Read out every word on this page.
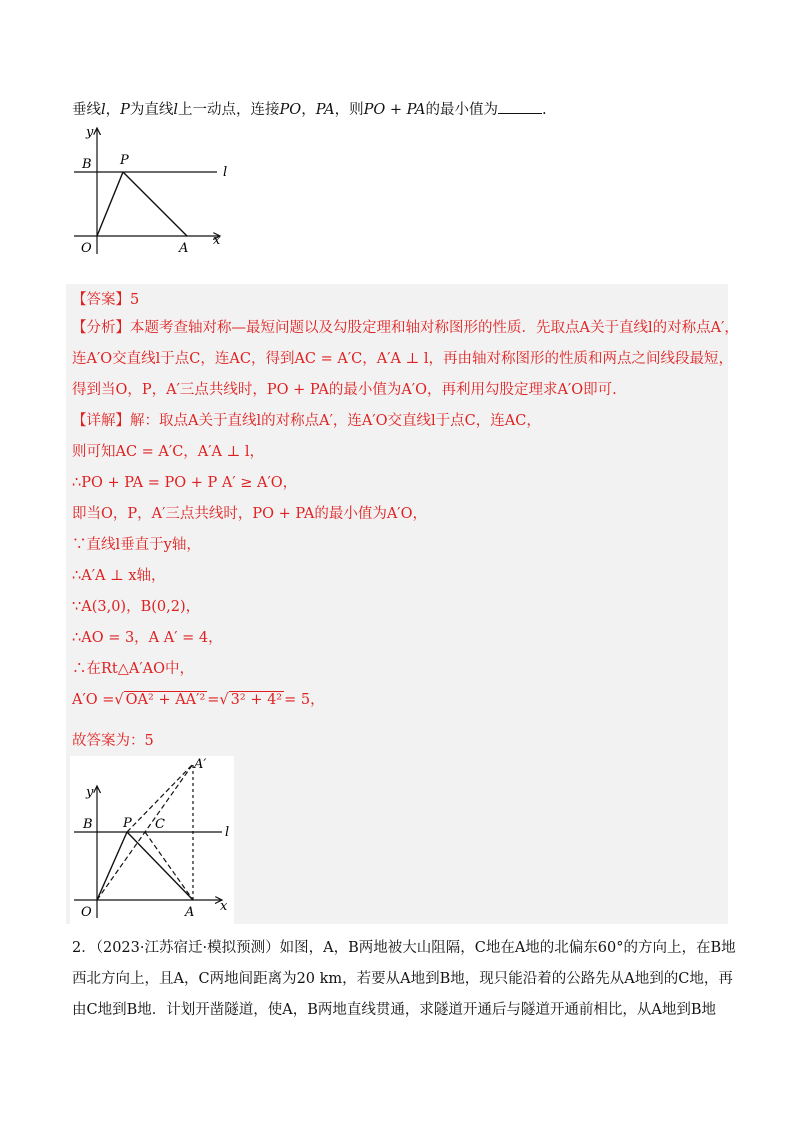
垂线l，P为直线l上一动点，连接PO，PA，则PO + PA的最小值为	.
y
B P
l
O	A
x
【答案】5
【分析】本题考查轴对称—最短问题以及勾股定理和轴对称图形的性质．先取点A关于直线l的对称点A′，
连A′O交直线l于点C，连AC，得到AC = A′C，A′A ⊥ l，再由轴对称图形的性质和两点之间线段最短，
得到当O，P，A′三点共线时，PO + PA的最小值为A′O，再利用勾股定理求A′O即可.
【详解】解：取点A关于直线l的对称点A′，连A′O交直线l于点C，连AC，
则可知AC = A′C，A′A ⊥ l，
∴PO + PA = PO + P A′ ≥ A′O，
即当O，P，A′三点共线时，PO + PA的最小值为A′O，
∵直线l垂直于y轴，
∴A′A ⊥ x轴，
∵A(3,0)，B(0,2)，
∴AO = 3，A A′ = 4，
∴在Rt△A′AO中，
A′O =√ OA² + AA′² =√ 3² + 4² = 5，
故答案为：5
A′
y
B P C
l
O	A x
2．（2023·江苏宿迁·模拟预测）如图，A，B两地被大山阻隔，C地在A地的北偏东60°的方向上，在B地
西北方向上，且A，C两地间距离为20 km，若要从A地到B地，现只能沿着的公路先从A地到的C地，再
由C地到B地．计划开凿隧道，使A，B两地直线贯通，求隧道开通后与隧道开通前相比，从A地到B地
